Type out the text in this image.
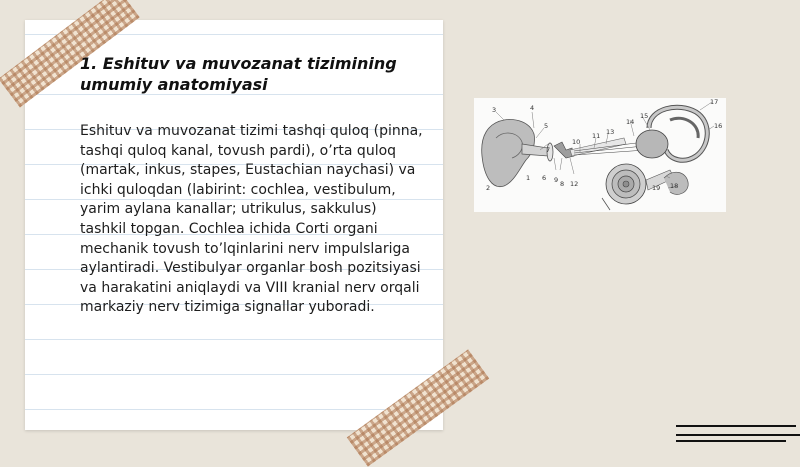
1. Eshituv va muvozanat tizimining umumiy anatomiyasi

Eshituv va muvozanat tizimi tashqi quloq (pinna, tashqi quloq kanal, tovush pardi), o’rta quloq (martak, inkus, stapes, Eustachian naychasi) va ichki quloqdan (labirint: cochlea, vestibulum, yarim aylana kanallar; utrikulus, sakkulus) tashkil topgan. Cochlea ichida Corti organi mechanik tovush to’lqinlarini nerv impulslariga aylantiradi. Vestibulyar organlar bosh pozitsiyasi va harakatini aniqlaydi va VIII kranial nerv orqali markaziy nerv tizimiga signallar yuboradi.

1
2
3	4
5
6
7
8
9
10
11
12
13
14
15
16
17
18
19
